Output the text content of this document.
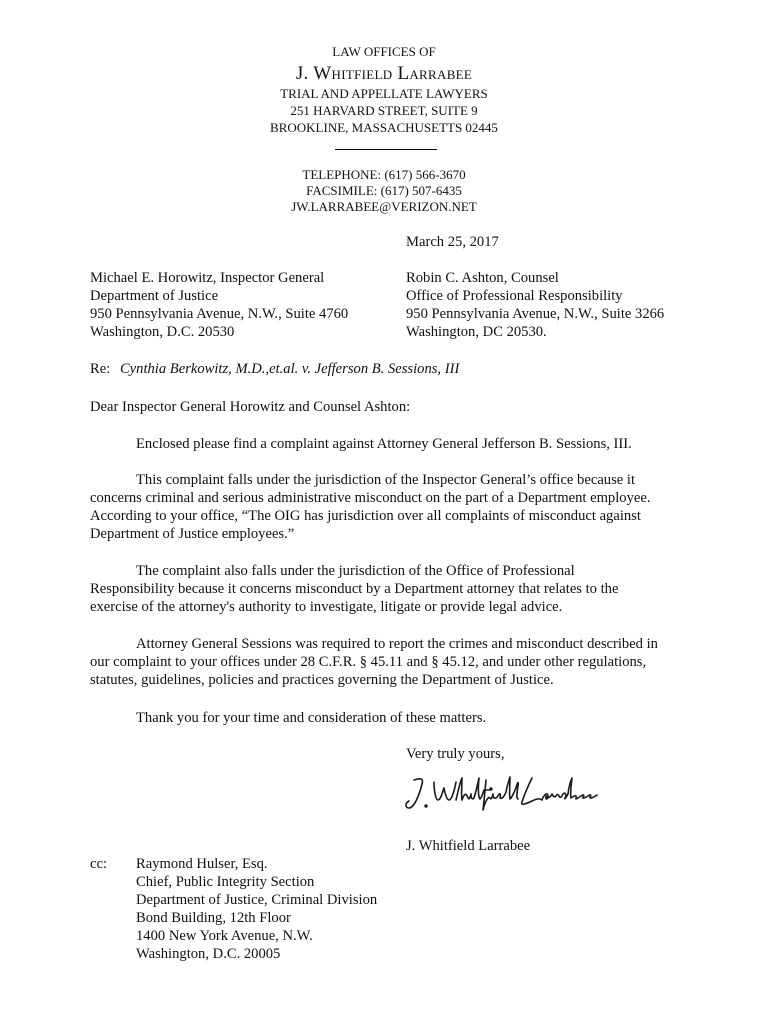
LAW OFFICES OF
J. Whitfield Larrabee
TRIAL AND APPELLATE LAWYERS
251 HARVARD STREET, SUITE 9
BROOKLINE, MASSACHUSETTS 02445
TELEPHONE: (617) 566-3670
FACSIMILE: (617) 507-6435
JW.LARRABEE@VERIZON.NET
March 25, 2017
Michael E. Horowitz, Inspector General
Department of Justice
950 Pennsylvania Avenue, N.W., Suite 4760
Washington, D.C. 20530
Robin C. Ashton, Counsel
Office of Professional Responsibility
950 Pennsylvania Avenue, N.W., Suite 3266
Washington, DC 20530.
Re: Cynthia Berkowitz, M.D.,et.al. v. Jefferson B. Sessions, III
Dear Inspector General Horowitz and Counsel Ashton:
Enclosed please find a complaint against Attorney General Jefferson B. Sessions, III.
This complaint falls under the jurisdiction of the Inspector General’s office because it
concerns criminal and serious administrative misconduct on the part of a Department employee.
According to your office, “The OIG has jurisdiction over all complaints of misconduct against
Department of Justice employees.”
The complaint also falls under the jurisdiction of the Office of Professional
Responsibility because it concerns misconduct by a Department attorney that relates to the
exercise of the attorney's authority to investigate, litigate or provide legal advice.
Attorney General Sessions was required to report the crimes and misconduct described in
our complaint to your offices under 28 C.F.R. § 45.11 and § 45.12, and under other regulations,
statutes, guidelines, policies and practices governing the Department of Justice.
Thank you for your time and consideration of these matters.
Very truly yours,
J. Whitfield Larrabee
cc: Raymond Hulser, Esq.
Chief, Public Integrity Section
Department of Justice, Criminal Division
Bond Building, 12th Floor
1400 New York Avenue, N.W.
Washington, D.C. 20005
